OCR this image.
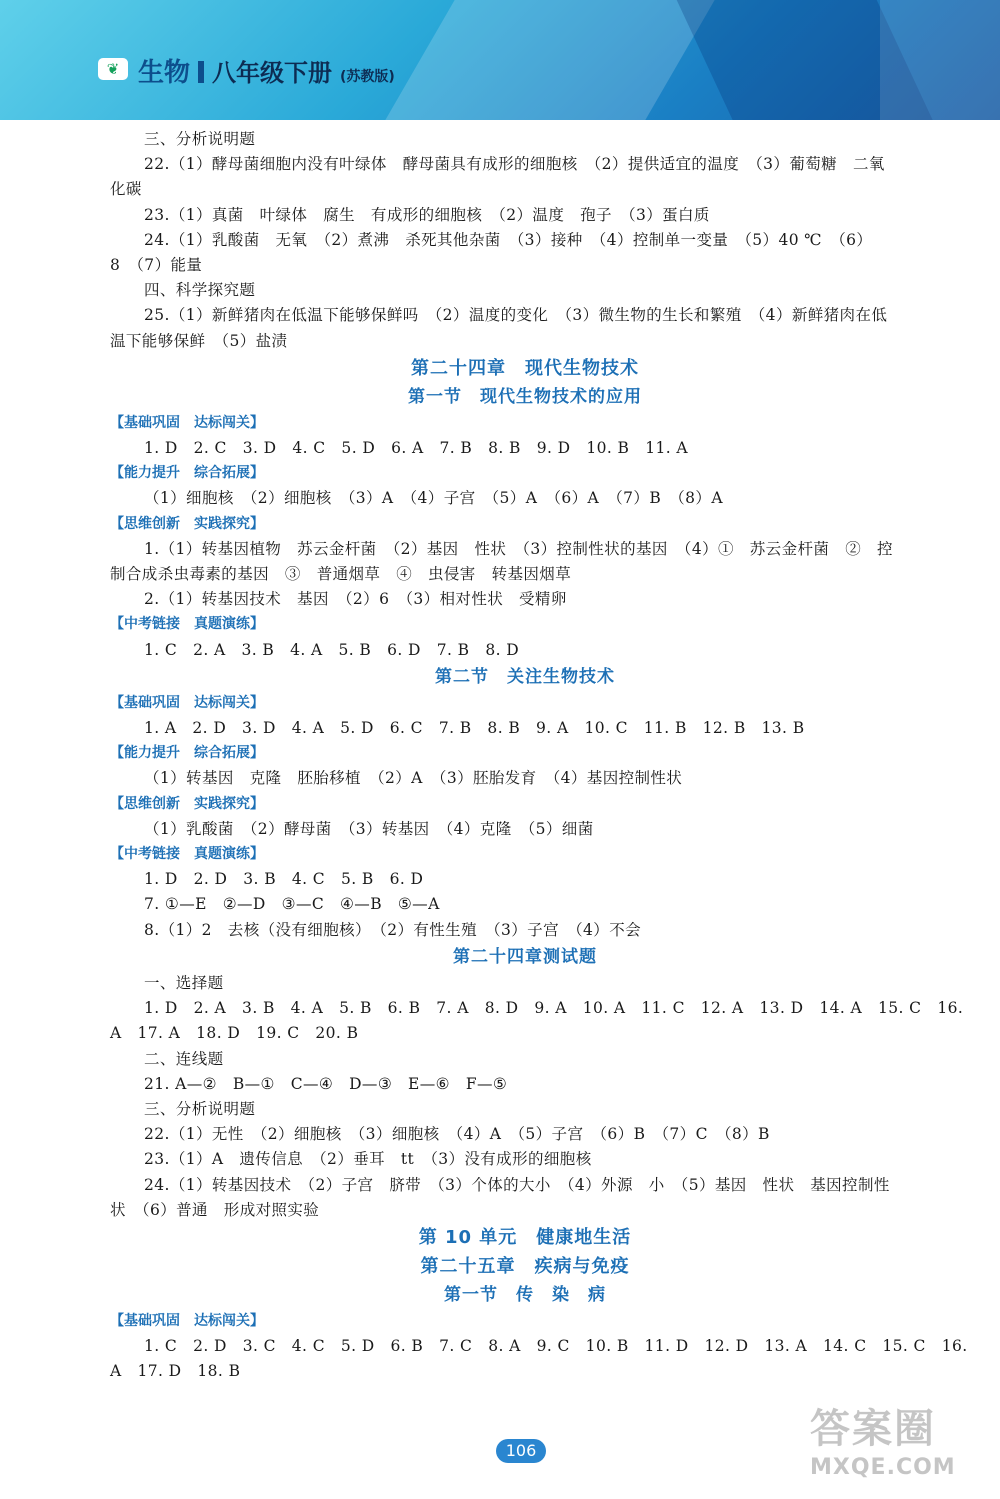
❦ 生物 八年级下册 (苏教版)
三、分析说明题
22.（1）酵母菌细胞内没有叶绿体　酵母菌具有成形的细胞核　（2）提供适宜的温度　（3）葡萄糖　二氧
化碳
23.（1）真菌　叶绿体　腐生　有成形的细胞核　（2）温度　孢子　（3）蛋白质
24.（1）乳酸菌　无氧　（2）煮沸　杀死其他杂菌　（3）接种　（4）控制单一变量　（5）40 ℃　（6）
8　（7）能量
四、科学探究题
25.（1）新鲜猪肉在低温下能够保鲜吗　（2）温度的变化　（3）微生物的生长和繁殖　（4）新鲜猪肉在低
温下能够保鲜　（5）盐渍
第二十四章　现代生物技术
第一节　现代生物技术的应用
【基础巩固　达标闯关】
1. D　2. C　3. D　4. C　5. D　6. A　7. B　8. B　9. D　10. B　11. A
【能力提升　综合拓展】
（1）细胞核　（2）细胞核　（3）A　（4）子宫　（5）A　（6）A　（7）B　（8）A
【思维创新　实践探究】
1.（1）转基因植物　苏云金杆菌　（2）基因　性状　（3）控制性状的基因　（4）①　苏云金杆菌　②　控
制合成杀虫毒素的基因　③　普通烟草　④　虫侵害　转基因烟草
2.（1）转基因技术　基因　（2）6　（3）相对性状　受精卵
【中考链接　真题演练】
1. C　2. A　3. B　4. A　5. B　6. D　7. B　8. D
第二节　关注生物技术
【基础巩固　达标闯关】
1. A　2. D　3. D　4. A　5. D　6. C　7. B　8. B　9. A　10. C　11. B　12. B　13. B
【能力提升　综合拓展】
（1）转基因　克隆　胚胎移植　（2）A　（3）胚胎发育　（4）基因控制性状
【思维创新　实践探究】
（1）乳酸菌　（2）酵母菌　（3）转基因　（4）克隆　（5）细菌
【中考链接　真题演练】
1. D　2. D　3. B　4. C　5. B　6. D
7. ①—E　②—D　③—C　④—B　⑤—A
8.（1）2　去核（没有细胞核）　（2）有性生殖　（3）子宫　（4）不会
第二十四章测试题
一、选择题
1. D　2. A　3. B　4. A　5. B　6. B　7. A　8. D　9. A　10. A　11. C　12. A　13. D　14. A　15. C　16.
A　17. A　18. D　19. C　20. B
二、连线题
21. A—②　B—①　C—④　D—③　E—⑥　F—⑤
三、分析说明题
22.（1）无性　（2）细胞核　（3）细胞核　（4）A　（5）子宫　（6）B　（7）C　（8）B
23.（1）A　遗传信息　（2）垂耳　tt　（3）没有成形的细胞核
24.（1）转基因技术　（2）子宫　脐带　（3）个体的大小　（4）外源　小　（5）基因　性状　基因控制性
状　（6）普通　形成对照实验
第 10 单元　健康地生活
第二十五章　疾病与免疫
第一节　传　染　病
【基础巩固　达标闯关】
1. C　2. D　3. C　4. C　5. D　6. B　7. C　8. A　9. C　10. B　11. D　12. D　13. A　14. C　15. C　16.
A　17. D　18. B
106	答案圈
MXQE.COM
